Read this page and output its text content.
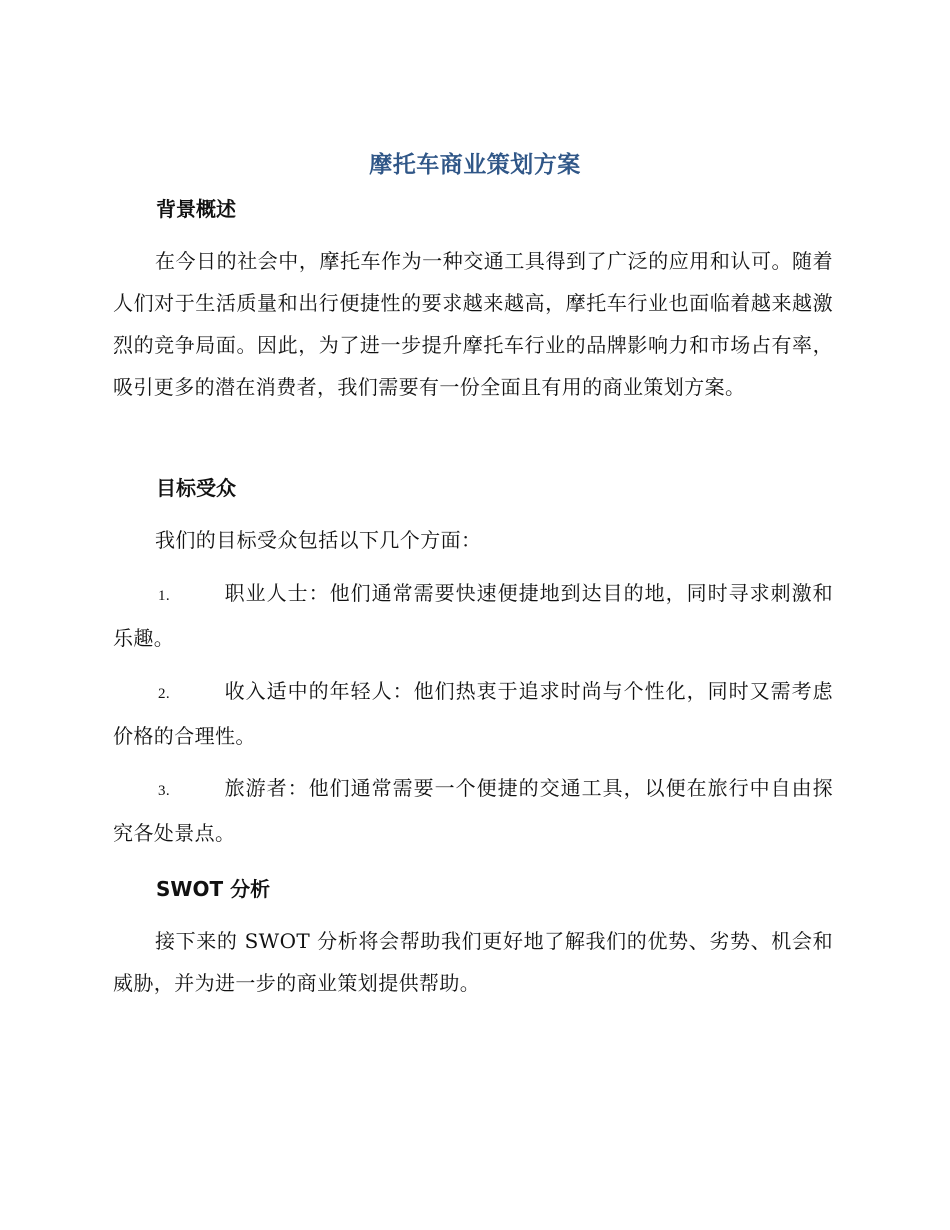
摩托车商业策划方案
背景概述
在今日的社会中，摩托车作为一种交通工具得到了广泛的应用和认可。随着人们对于生活质量和出行便捷性的要求越来越高，摩托车行业也面临着越来越激烈的竞争局面。因此，为了进一步提升摩托车行业的品牌影响力和市场占有率，吸引更多的潜在消费者，我们需要有一份全面且有用的商业策划方案。
目标受众
我们的目标受众包括以下几个方面：
1.	职业人士：他们通常需要快速便捷地到达目的地，同时寻求刺激和乐趣。
2.	收入适中的年轻人：他们热衷于追求时尚与个性化，同时又需考虑价格的合理性。
3.	旅游者：他们通常需要一个便捷的交通工具，以便在旅行中自由探究各处景点。
SWOT 分析
接下来的 SWOT 分析将会帮助我们更好地了解我们的优势、劣势、机会和威胁，并为进一步的商业策划提供帮助。
